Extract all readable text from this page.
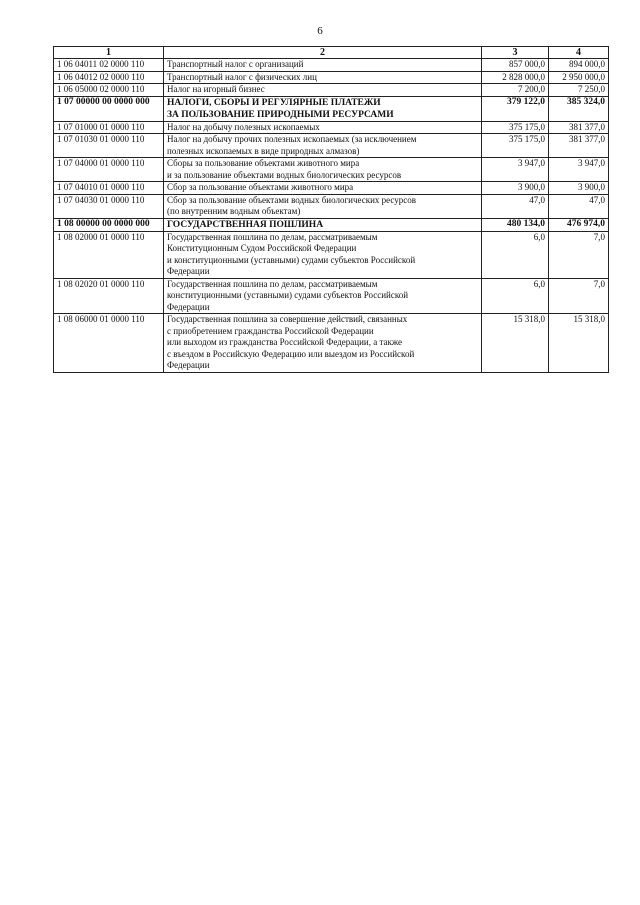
6
1	2	3	4
1 06 04011 02 0000 110	Транспортный налог с организаций	857 000,0	894 000,0
1 06 04012 02 0000 110	Транспортный налог с физических лиц	2 828 000,0	2 950 000,0
1 06 05000 02 0000 110	Налог на игорный бизнес	7 200,0	7 250,0
1 07 00000 00 0000 000	НАЛОГИ, СБОРЫ И РЕГУЛЯРНЫЕ ПЛАТЕЖИ
ЗА ПОЛЬЗОВАНИЕ ПРИРОДНЫМИ РЕСУРСАМИ	379 122,0	385 324,0
1 07 01000 01 0000 110	Налог на добычу полезных ископаемых	375 175,0	381 377,0
1 07 01030 01 0000 110	Налог на добычу прочих полезных ископаемых (за исключением
полезных ископаемых в виде природных алмазов)	375 175,0	381 377,0
1 07 04000 01 0000 110	Сборы за пользование объектами животного мира
и за пользование объектами водных биологических ресурсов	3 947,0	3 947,0
1 07 04010 01 0000 110	Сбор за пользование объектами животного мира	3 900,0	3 900,0
1 07 04030 01 0000 110	Сбор за пользование объектами водных биологических ресурсов
(по внутренним водным объектам)	47,0	47,0
1 08 00000 00 0000 000	ГОСУДАРСТВЕННАЯ ПОШЛИНА	480 134,0	476 974,0
1 08 02000 01 0000 110	Государственная пошлина по делам, рассматриваемым
Конституционным Судом Российской Федерации
и конституционными (уставными) судами субъектов Российской
Федерации	6,0	7,0
1 08 02020 01 0000 110	Государственная пошлина по делам, рассматриваемым
конституционными (уставными) судами субъектов Российской
Федерации	6,0	7,0
1 08 06000 01 0000 110	Государственная пошлина за совершение действий, связанных
с приобретением гражданства Российской Федерации
или выходом из гражданства Российской Федерации, а также
с въездом в Российскую Федерацию или выездом из Российской
Федерации	15 318,0	15 318,0
